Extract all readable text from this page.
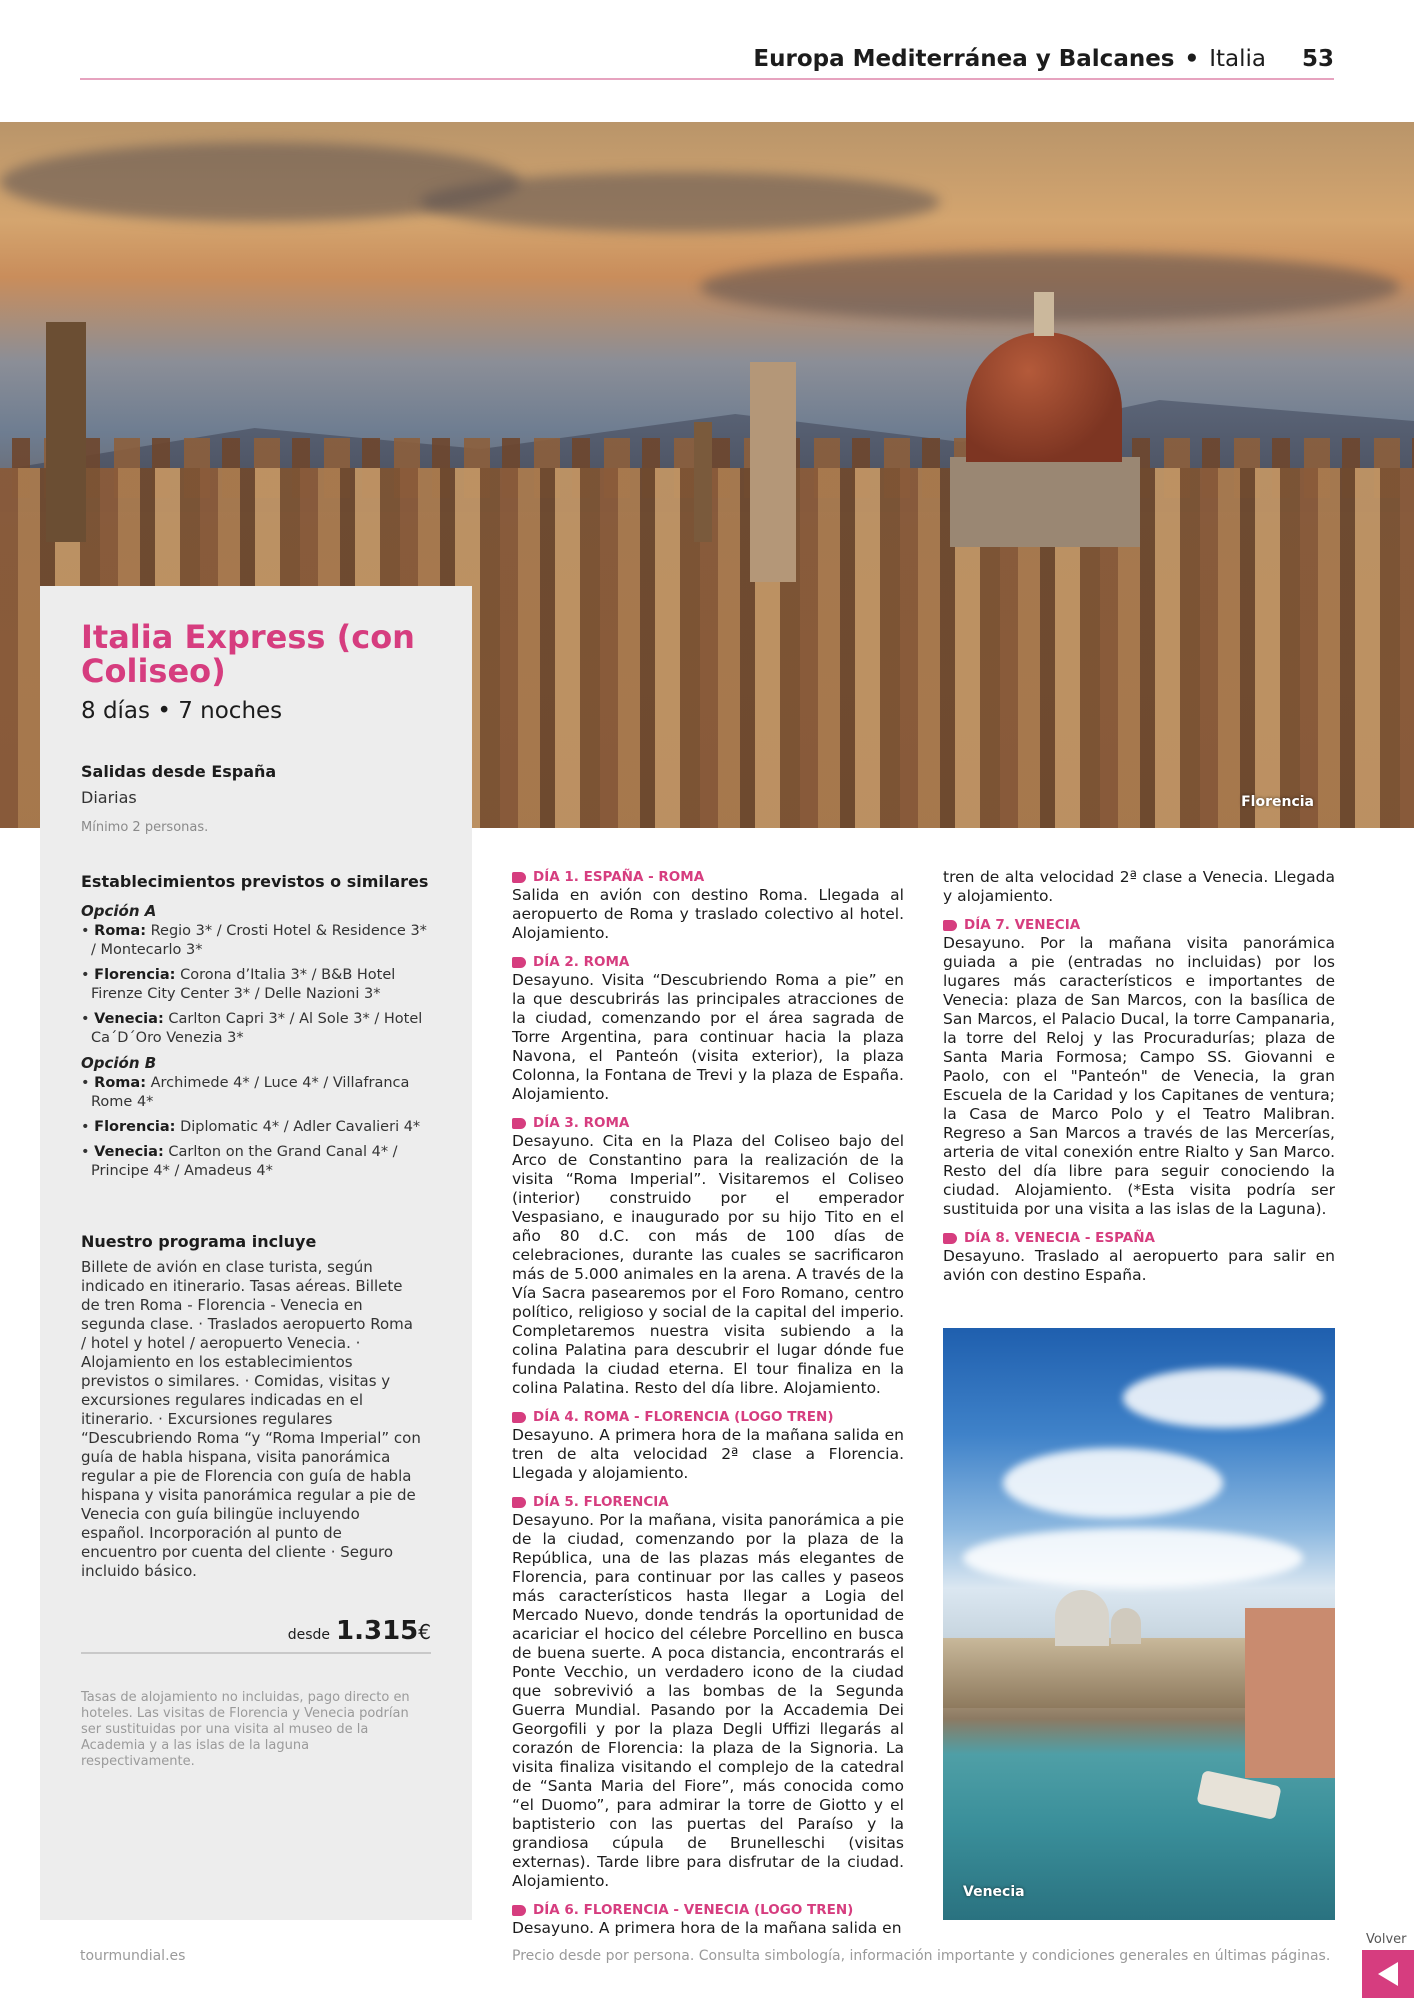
Europa Mediterránea y Balcanes • Italia 53
Florencia
Italia Express (con Coliseo)
8 días • 7 noches
Salidas desde España
Diarias
Mínimo 2 personas.
Establecimientos previstos o similares
Opción A
• Roma: Regio 3* / Crosti Hotel & Residence 3* / Montecarlo 3*
• Florencia: Corona d’Italia 3* / B&B Hotel Firenze City Center 3* / Delle Nazioni 3*
• Venecia: Carlton Capri 3* / Al Sole 3* / Hotel Ca´D´Oro Venezia 3*
Opción B
• Roma: Archimede 4* / Luce 4* / Villafranca Rome 4*
• Florencia: Diplomatic 4* / Adler Cavalieri 4*
• Venecia: Carlton on the Grand Canal 4* / Principe 4* / Amadeus 4*
Nuestro programa incluye
Billete de avión en clase turista, según indicado en itinerario. Tasas aéreas. Billete de tren Roma - Florencia - Venecia en segunda clase. · Traslados aeropuerto Roma / hotel y hotel / aeropuerto Venecia. · Alojamiento en los establecimientos previstos o similares. · Comidas, visitas y excursiones regulares indicadas en el itinerario. · Excursiones regulares “Descubriendo Roma “y “Roma Imperial” con guía de habla hispana, visita panorámica regular a pie de Florencia con guía de habla hispana y visita panorámica regular a pie de Venecia con guía bilingüe incluyendo español. Incorporación al punto de encuentro por cuenta del cliente · Seguro incluido básico.
desde 1.315€
Tasas de alojamiento no incluidas, pago directo en hoteles. Las visitas de Florencia y Venecia podrían ser sustituidas por una visita al museo de la Academia y a las islas de la laguna respectivamente.
DÍA 1. ESPAÑA - ROMA
Salida en avión con destino Roma. Llegada al aeropuerto de Roma y traslado colectivo al hotel. Alojamiento.
DÍA 2. ROMA
Desayuno. Visita “Descubriendo Roma a pie” en la que descubrirás las principales atracciones de la ciudad, comenzando por el área sagrada de Torre Argentina, para continuar hacia la plaza Navona, el Panteón (visita exterior), la plaza Colonna, la Fontana de Trevi y la plaza de España. Alojamiento.
DÍA 3. ROMA
Desayuno. Cita en la Plaza del Coliseo bajo del Arco de Constantino para la realización de la visita “Roma Imperial”. Visitaremos el Coliseo (interior) construido por el emperador Vespasiano, e inaugurado por su hijo Tito en el año 80 d.C. con más de 100 días de celebraciones, durante las cuales se sacrificaron más de 5.000 animales en la arena. A través de la Vía Sacra pasearemos por el Foro Romano, centro político, religioso y social de la capital del imperio. Completaremos nuestra visita subiendo a la colina Palatina para descubrir el lugar dónde fue fundada la ciudad eterna. El tour finaliza en la colina Palatina. Resto del día libre. Alojamiento.
DÍA 4. ROMA - FLORENCIA (LOGO TREN)
Desayuno. A primera hora de la mañana salida en tren de alta velocidad 2ª clase a Florencia. Llegada y alojamiento.
DÍA 5. FLORENCIA
Desayuno. Por la mañana, visita panorámica a pie de la ciudad, comenzando por la plaza de la República, una de las plazas más elegantes de Florencia, para continuar por las calles y paseos más característicos hasta llegar a Logia del Mercado Nuevo, donde tendrás la oportunidad de acariciar el hocico del célebre Porcellino en busca de buena suerte. A poca distancia, encontrarás el Ponte Vecchio, un verdadero icono de la ciudad que sobrevivió a las bombas de la Segunda Guerra Mundial. Pasando por la Accademia Dei Georgofili y por la plaza Degli Uffizi llegarás al corazón de Florencia: la plaza de la Signoria. La visita finaliza visitando el complejo de la catedral de “Santa Maria del Fiore”, más conocida como “el Duomo”, para admirar la torre de Giotto y el baptisterio con las puertas del Paraíso y la grandiosa cúpula de Brunelleschi (visitas externas). Tarde libre para disfrutar de la ciudad. Alojamiento.
DÍA 6. FLORENCIA - VENECIA (LOGO TREN)
Desayuno. A primera hora de la mañana salida en
tren de alta velocidad 2ª clase a Venecia. Llegada y alojamiento.
DÍA 7. VENECIA
Desayuno. Por la mañana visita panorámica guiada a pie (entradas no incluidas) por los lugares más característicos e importantes de Venecia: plaza de San Marcos, con la basílica de San Marcos, el Palacio Ducal, la torre Campanaria, la torre del Reloj y las Procuradurías; plaza de Santa Maria Formosa; Campo SS. Giovanni e Paolo, con el "Panteón" de Venecia, la gran Escuela de la Caridad y los Capitanes de ventura; la Casa de Marco Polo y el Teatro Malibran. Regreso a San Marcos a través de las Mercerías, arteria de vital conexión entre Rialto y San Marco. Resto del día libre para seguir conociendo la ciudad. Alojamiento. (*Esta visita podría ser sustituida por una visita a las islas de la Laguna).
DÍA 8. VENECIA - ESPAÑA
Desayuno. Traslado al aeropuerto para salir en avión con destino España.
Venecia
tourmundial.es	Precio desde por persona. Consulta simbología, información importante y condiciones generales en últimas páginas.
Volver
